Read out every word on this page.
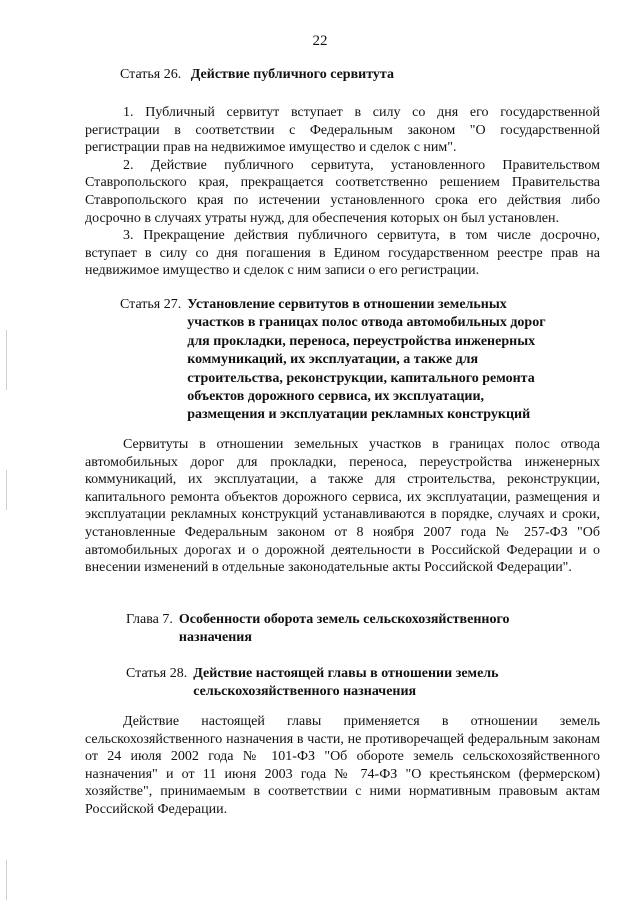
22
Статья 26. Действие публичного сервитута

1. Публичный сервитут вступает в силу со дня его государственной регистрации в соответствии с Федеральным законом "О государственной регистрации прав на недвижимое имущество и сделок с ним".

2. Действие публичного сервитута, установленного Правительством Ставропольского края, прекращается соответственно решением Правительства Ставропольского края по истечении установленного срока его действия либо досрочно в случаях утраты нужд, для обеспечения которых он был установлен.

3. Прекращение действия публичного сервитута, в том числе досрочно, вступает в силу со дня погашения в Едином государственном реестре прав на недвижимое имущество и сделок с ним записи о его регистрации.

Статья 27. Установление сервитутов в отношении земельных участков в границах полос отвода автомобильных дорог для прокладки, переноса, переустройства инженерных коммуникаций, их эксплуатации, а также для строительства, реконструкции, капитального ремонта объектов дорожного сервиса, их эксплуатации, размещения и эксплуатации рекламных конструкций

Сервитуты в отношении земельных участков в границах полос отвода автомобильных дорог для прокладки, переноса, переустройства инженерных коммуникаций, их эксплуатации, а также для строительства, реконструкции, капитального ремонта объектов дорожного сервиса, их эксплуатации, размещения и эксплуатации рекламных конструкций устанавливаются в порядке, случаях и сроки, установленные Федеральным законом от 8 ноября 2007 года № 257-ФЗ "Об автомобильных дорогах и о дорожной деятельности в Российской Федерации и о внесении изменений в отдельные законодательные акты Российской Федерации".

Глава 7. Особенности оборота земель сельскохозяйственного назначения
Статья 28. Действие настоящей главы в отношении земель сельскохозяйственного назначения

Действие настоящей главы применяется в отношении земель сельскохозяйственного назначения в части, не противоречащей федеральным законам от 24 июля 2002 года № 101-ФЗ "Об обороте земель сельскохозяйственного назначения" и от 11 июня 2003 года № 74-ФЗ "О крестьянском (фермерском) хозяйстве", принимаемым в соответствии с ними нормативным правовым актам Российской Федерации.
